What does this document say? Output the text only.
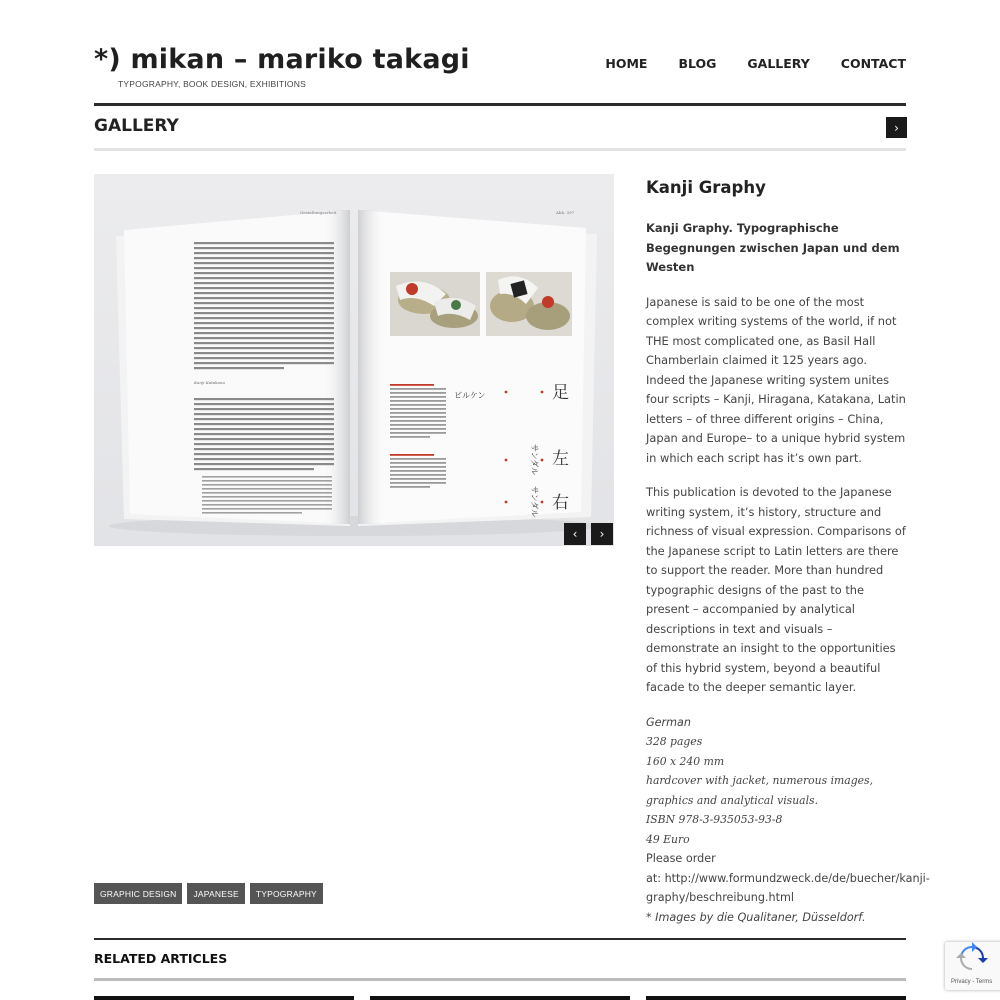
*) mikan – mariko takagi
TYPOGRAPHY, BOOK DESIGN, EXHIBITIONS
HOME BLOG GALLERY CONTACT
GALLERY	›
Gestaltungsarbeit
Kanji Katakana
Abb. 397
ビルケン	足
サンダル 左
サンダル 右
‹ ›
Kanji Graphy
Kanji Graphy. Typographische Begegnungen zwischen Japan und dem Westen
Japanese is said to be one of the most complex writing systems of the world, if not THE most complicated one, as Basil Hall Chamberlain claimed it 125 years ago. Indeed the Japanese writing system unites four scripts – Kanji, Hiragana, Katakana, Latin letters – of three different origins – China, Japan and Europe– to a unique hybrid system in which each script has it’s own part.
This publication is devoted to the Japanese writing system, it’s history, structure and richness of visual expression. Comparisons of the Japanese script to Latin letters are there to support the reader. More than hundred typographic designs of the past to the present – accompanied by analytical descriptions in text and visuals – demonstrate an insight to the opportunities of this hybrid system, beyond a beautiful facade to the deeper semantic layer.
German
328 pages
160 x 240 mm
hardcover with jacket, numerous images, graphics and analytical visuals.
ISBN 978-3-935053-93-8
49 Euro
Please order at: http://www.formundzweck.de/de/buecher/kanji-graphy/beschreibung.html
* Images by die Qualitaner, Düsseldorf.
GRAPHIC DESIGN	JAPANESE	TYPOGRAPHY
RELATED ARTICLES
Privacy - Terms
